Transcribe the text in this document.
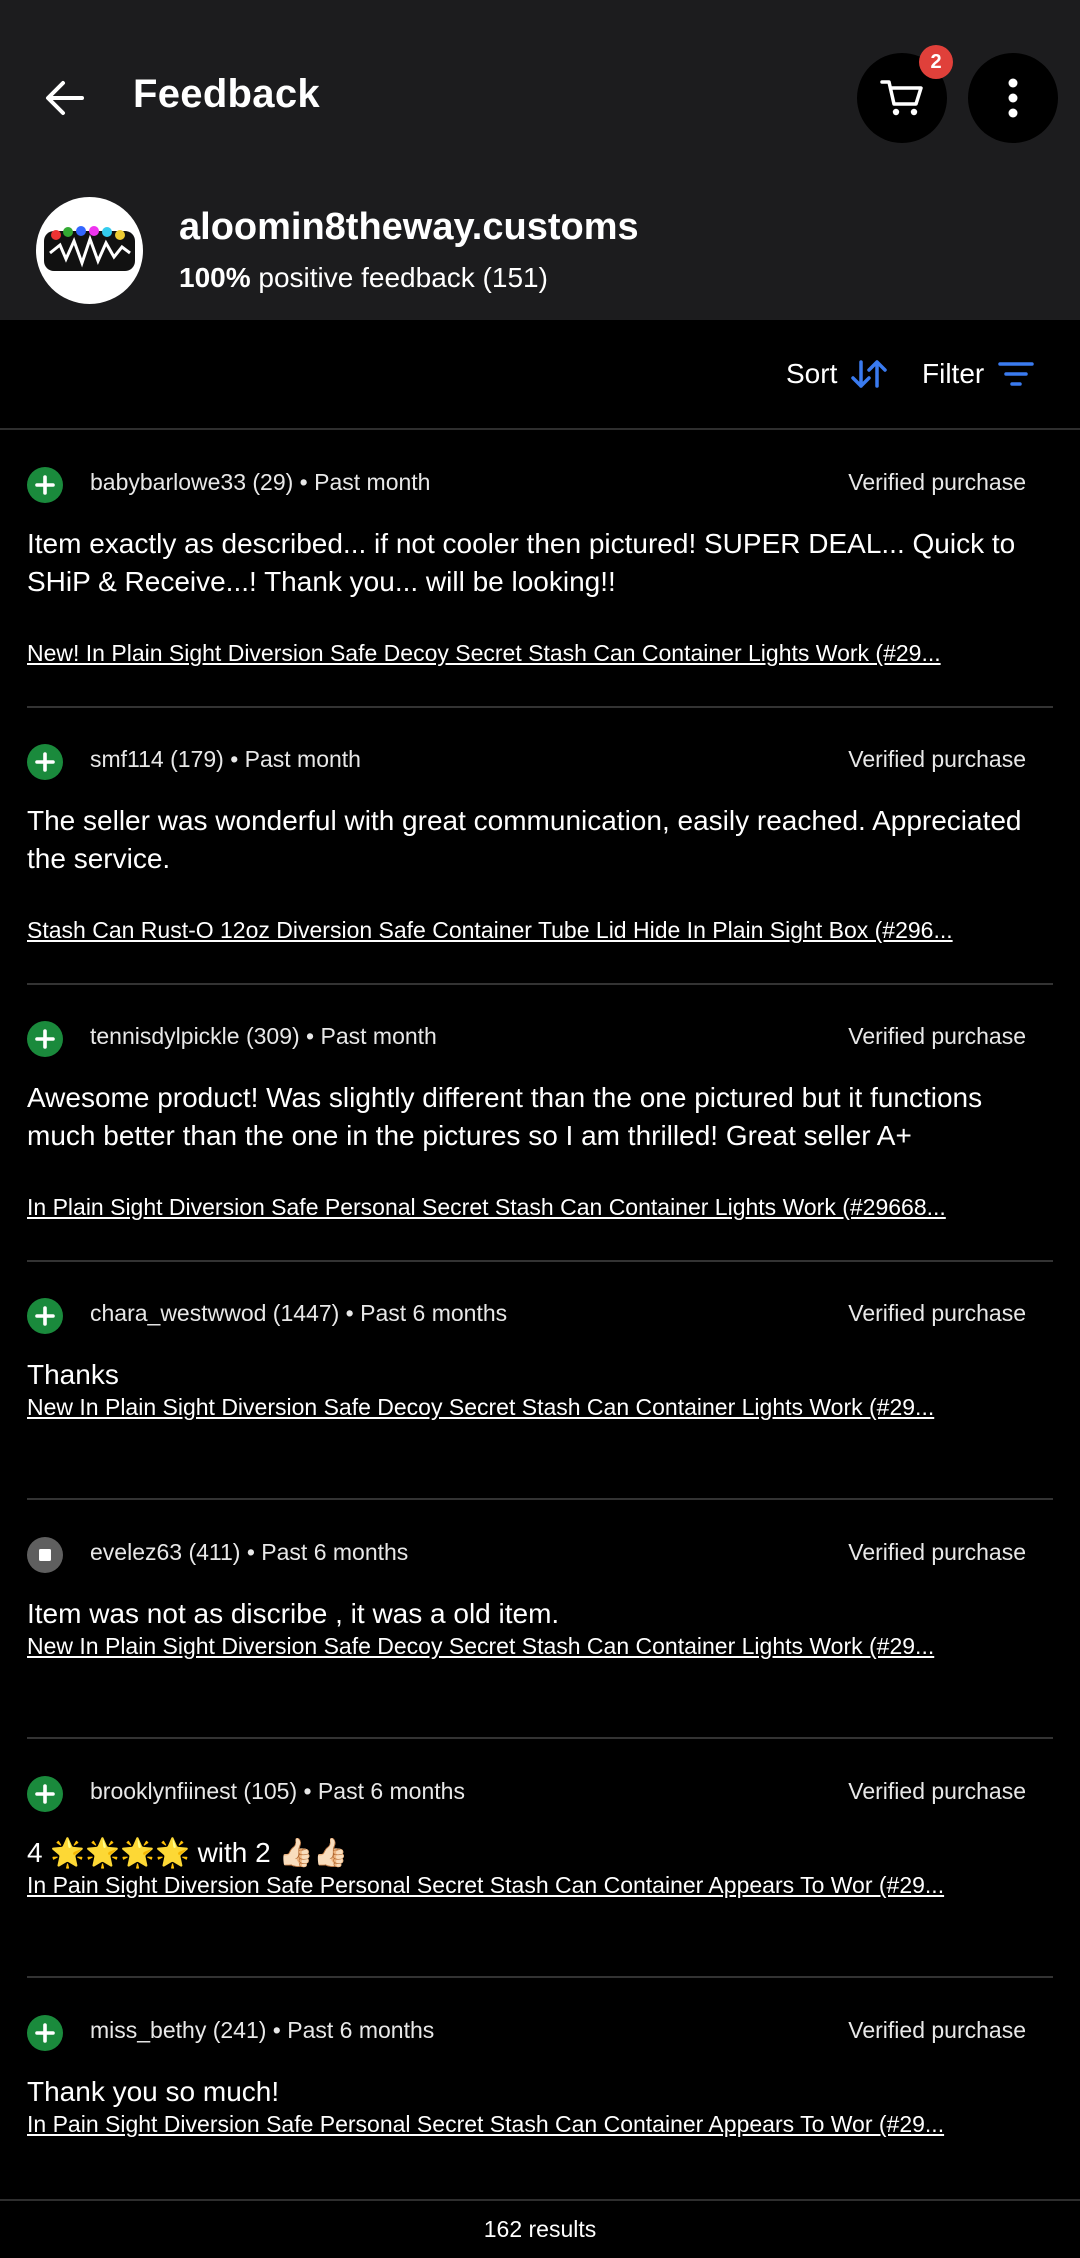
Feedback
2
aloomin8theway.customs
100% positive feedback (151)
Sort	Filter
babybarlowe33 (29) • Past month	Verified purchase
Item exactly as described... if not cooler then pictured! SUPER DEAL... Quick to SHiP & Receive...! Thank you... will be looking!!
New! In Plain Sight Diversion Safe Decoy Secret Stash Can Container Lights Work (#29...
smf114 (179) • Past month	Verified purchase
The seller was wonderful with great communication, easily reached. Appreciated the service.
Stash Can Rust-O 12oz Diversion Safe Container Tube Lid Hide In Plain Sight Box (#296...
tennisdylpickle (309) • Past month	Verified purchase
Awesome product! Was slightly different than the one pictured but it functions much better than the one in the pictures so I am thrilled! Great seller A+
In Plain Sight Diversion Safe Personal Secret Stash Can Container Lights Work (#29668...
chara_westwwod (1447) • Past 6 months	Verified purchase
Thanks
New In Plain Sight Diversion Safe Decoy Secret Stash Can Container Lights Work (#29...
evelez63 (411) • Past 6 months	Verified purchase
Item was not as discribe , it was a old item.
New In Plain Sight Diversion Safe Decoy Secret Stash Can Container Lights Work (#29...
brooklynfiinest (105) • Past 6 months	Verified purchase
4 🌟🌟🌟🌟 with 2 👍🏻👍🏻
In Pain Sight Diversion Safe Personal Secret Stash Can Container Appears To Wor (#29...
miss_bethy (241) • Past 6 months	Verified purchase
Thank you so much!
In Pain Sight Diversion Safe Personal Secret Stash Can Container Appears To Wor (#29...
162 results
